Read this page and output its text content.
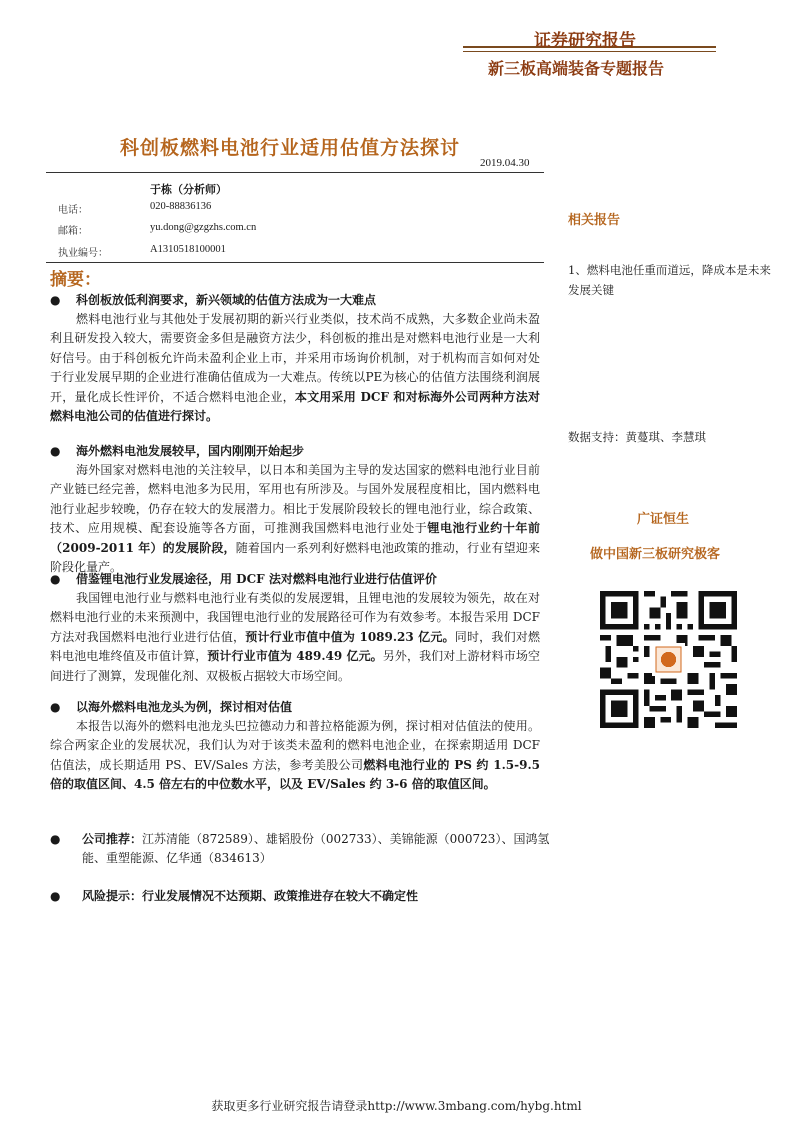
证券研究报告
新三板高端装备专题报告
科创板燃料电池行业适用估值方法探讨
2019.04.30
于栋（分析师）
电话：	020-88836136
邮箱：	yu.dong@gzgzhs.com.cn
执业编号：	A1310518100001
摘要：
● 科创板放低利润要求，新兴领域的估值方法成为一大难点
燃料电池行业与其他处于发展初期的新兴行业类似，技术尚不成熟，大多数企业尚未盈利且研发投入较大，需要资金多但是融资方法少，科创板的推出是对燃料电池行业是一大利好信号。由于科创板允许尚未盈利企业上市，并采用市场询价机制，对于机构而言如何对处于行业发展早期的企业进行准确估值成为一大难点。传统以PE为核心的估值方法围绕利润展开，量化成长性评价，不适合燃料电池企业，本文用采用 DCF 和对标海外公司两种方法对燃料电池公司的估值进行探讨。
● 海外燃料电池发展较早，国内刚刚开始起步
海外国家对燃料电池的关注较早，以日本和美国为主导的发达国家的燃料电池行业目前产业链已经完善，燃料电池多为民用，军用也有所涉及。与国外发展程度相比，国内燃料电池行业起步较晚，仍存在较大的发展潜力。相比于发展阶段较长的锂电池行业，综合政策、技术、应用规模、配套设施等各方面，可推测我国燃料电池行业处于锂电池行业约十年前（2009-2011 年）的发展阶段，随着国内一系列利好燃料电池政策的推动，行业有望迎来阶段化量产。
● 借鉴锂电池行业发展途径，用 DCF 法对燃料电池行业进行估值评价
我国锂电池行业与燃料电池行业有类似的发展逻辑，且锂电池的发展较为领先，故在对燃料电池行业的未来预测中，我国锂电池行业的发展路径可作为有效参考。本报告采用 DCF 方法对我国燃料电池行业进行估值，预计行业市值中值为 1089.23 亿元。同时，我们对燃料电池电堆终值及市值计算，预计行业市值为 489.49 亿元。另外，我们对上游材料市场空间进行了测算，发现催化剂、双极板占据较大市场空间。
● 以海外燃料电池龙头为例，探讨相对估值
本报告以海外的燃料电池龙头巴拉德动力和普拉格能源为例，探讨相对估值法的使用。综合两家企业的发展状况，我们认为对于该类未盈利的燃料电池企业，在探索期适用 DCF 估值法，成长期适用 PS、EV/Sales 方法，参考美股公司燃料电池行业的 PS 约 1.5-9.5 倍的取值区间、4.5 倍左右的中位数水平，以及 EV/Sales 约 3-6 倍的取值区间。
● 公司推荐：江苏清能（872589）、雄韬股份（002733）、美锦能源（000723）、国鸿氢能、重塑能源、亿华通（834613）
● 风险提示：行业发展情况不达预期、政策推进存在较大不确定性
相关报告
1、燃料电池任重而道远，降成本是未来发展关键
数据支持：黄蔓琪、李慧琪
广证恒生
做中国新三板研究极客
获取更多行业研究报告请登录http://www.3mbang.com/hybg.html
